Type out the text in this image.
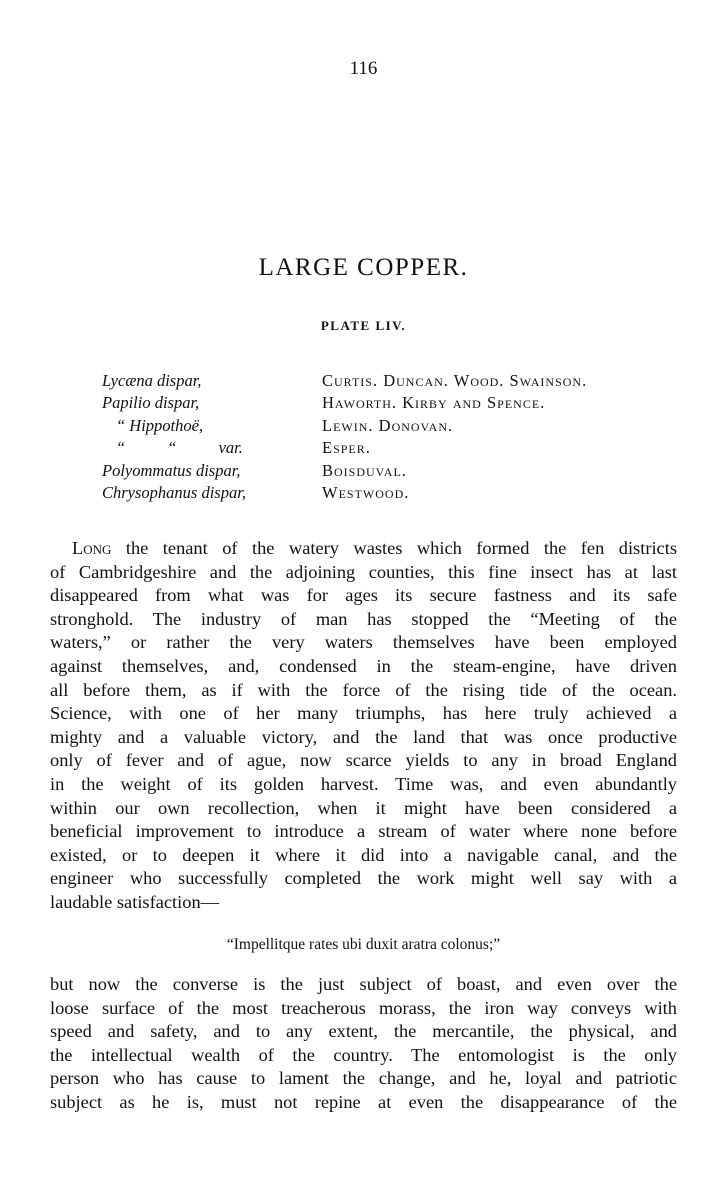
116
LARGE COPPER.
PLATE LIV.
Lycæna dispar,	Curtis. Duncan. Wood. Swainson.
Papilio dispar,	Haworth. Kirby and Spence.
“ Hippothoë,	Lewin. Donovan.
“ “ var.	Esper.
Polyommatus dispar,	Boisduval.
Chrysophanus dispar,	Westwood.
Long the tenant of the watery wastes which formed the fen districts
of Cambridgeshire and the adjoining counties, this fine insect has at last
disappeared from what was for ages its secure fastness and its safe
stronghold. The industry of man has stopped the “Meeting of the
waters,” or rather the very waters themselves have been employed
against themselves, and, condensed in the steam-engine, have driven
all before them, as if with the force of the rising tide of the ocean.
Science, with one of her many triumphs, has here truly achieved a
mighty and a valuable victory, and the land that was once productive
only of fever and of ague, now scarce yields to any in broad England
in the weight of its golden harvest. Time was, and even abundantly
within our own recollection, when it might have been considered a
beneficial improvement to introduce a stream of water where none before
existed, or to deepen it where it did into a navigable canal, and the
engineer who successfully completed the work might well say with a
laudable satisfaction—
“Impellitque rates ubi duxit aratra colonus;”
but now the converse is the just subject of boast, and even over the
loose surface of the most treacherous morass, the iron way conveys with
speed and safety, and to any extent, the mercantile, the physical, and
the intellectual wealth of the country. The entomologist is the only
person who has cause to lament the change, and he, loyal and patriotic
subject as he is, must not repine at even the disappearance of the
